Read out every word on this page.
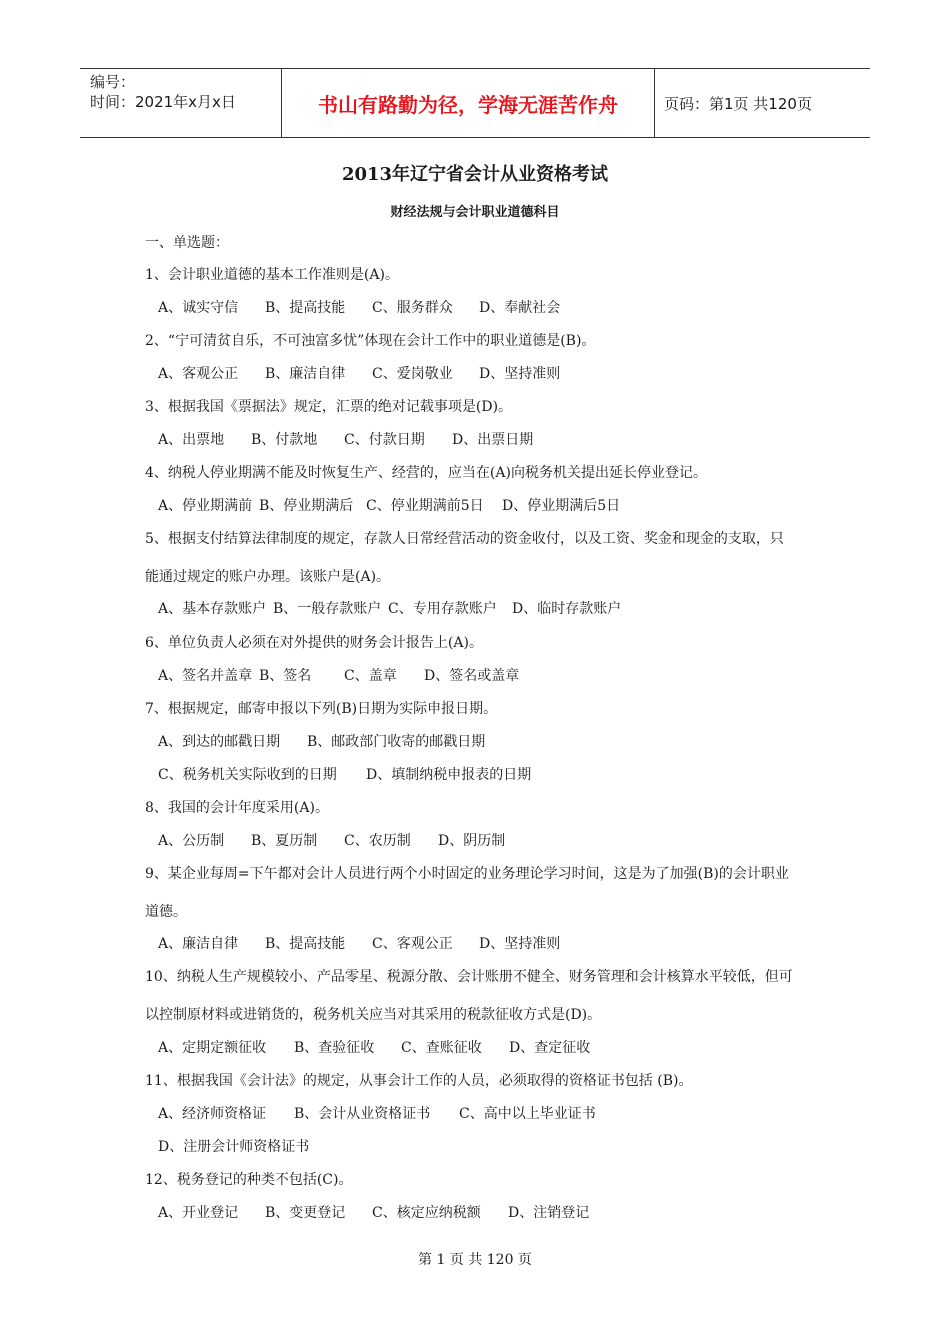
编号：
时间：2021年x月x日	书山有路勤为径，学海无涯苦作舟	页码：第1页 共120页
2013年辽宁省会计从业资格考试
财经法规与会计职业道德科目
一、单选题：
1、会计职业道德的基本工作准则是(A)。
A、诚实守信 B、提高技能 C、服务群众 D、奉献社会
2、“宁可清贫自乐，不可浊富多忧”体现在会计工作中的职业道德是(B)。
A、客观公正 B、廉洁自律 C、爱岗敬业 D、坚持准则
3、根据我国《票据法》规定，汇票的绝对记载事项是(D)。
A、出票地 B、付款地 C、付款日期 D、出票日期
4、纳税人停业期满不能及时恢复生产、经营的，应当在(A)向税务机关提出延长停业登记。
A、停业期满前 B、停业期满后 C、停业期满前5日 D、停业期满后5日
5、根据支付结算法律制度的规定，存款人日常经营活动的资金收付，以及工资、奖金和现金的支取，只
能通过规定的账户办理。该账户是(A)。
A、基本存款账户 B、一般存款账户 C、专用存款账户 D、临时存款账户
6、单位负责人必须在对外提供的财务会计报告上(A)。
A、签名并盖章 B、签名 C、盖章 D、签名或盖章
7、根据规定，邮寄申报以下列(B)日期为实际申报日期。
A、到达的邮戳日期 B、邮政部门收寄的邮戳日期
C、税务机关实际收到的日期 D、填制纳税申报表的日期
8、我国的会计年度采用(A)。
A、公历制 B、夏历制 C、农历制 D、阴历制
9、某企业每周=下午都对会计人员进行两个小时固定的业务理论学习时间，这是为了加强(B)的会计职业
道德。
A、廉洁自律 B、提高技能 C、客观公正 D、坚持准则
10、纳税人生产规模较小、产品零星、税源分散、会计账册不健全、财务管理和会计核算水平较低，但可
以控制原材料或进销货的，税务机关应当对其采用的税款征收方式是(D)。
A、定期定额征收 B、查验征收 C、查账征收 D、查定征收
11、根据我国《会计法》的规定，从事会计工作的人员，必须取得的资格证书包括 (B)。
A、经济师资格证 B、会计从业资格证书 C、高中以上毕业证书
D、注册会计师资格证书
12、税务登记的种类不包括(C)。
A、开业登记 B、变更登记 C、核定应纳税额 D、注销登记
第 1 页 共 120 页
